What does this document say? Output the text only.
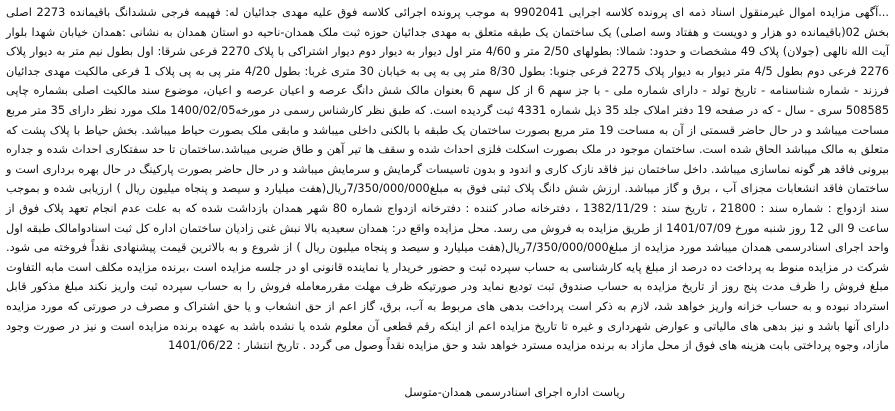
...آگهی مزایده اموال غیرمنقول اسناد ذمه ای پرونده کلاسه اجرایی 9902041 به موجب پرونده اجرائی کلاسه فوق علیه مهدی جدائیان له: فهیمه فرجی ششدانگ باقیمانده 2273 اصلی بخش 02(باقیمانده دو هزار و دویست و هفتاد وسه اصلی) یک ساختمان یک طبقه متعلق به مهدی جدائیان حوزه ثبت ملک همدان-ناحیه دو استان همدان به نشانی :همدان خیابان شهدا بلوار آیت الله نالهی (جولان) پلاک 49 مشخصات و حدود: شمالا: بطولهای 2/50 متر و 4/60 متر اول دیوار به دیوار دوم دیوار اشتراکی با پلاک 2270 فرعی شرقا: اول بطول نیم متر به دیوار پلاک 2276 فرعی دوم بطول 4/5 متر دیوار به دیوار پلاک 2275 فرعی جنوبا: بطول 8/30 متر پی به پی به خیابان 30 متری غربا: بطول 4/20 متر پی به پی پلاک 1 فرعی مالکیت مهدی جدائیان فرزند - شماره شناسنامه - تاریخ تولد - دارای شماره ملی - با جز سهم 6 از کل سهم 6 بعنوان مالک شش دانگ عرصه و اعیان عرصه و اعیان، موضوع سند مالکیت اصلی بشماره چاپی 508585 سری - سال - که در صفحه 19 دفتر املاک جلد 35 ذیل شماره 4331 ثبت گردیده است. که طبق نظر کارشناس رسمی در مورخه1400/02/05 ملک مورد نظر دارای 35 متر مربع مساحت میباشد و در حال حاضر قسمتی از آن به مساحت 19 متر مربع بصورت ساختمان یک طبقه با بالکنی داخلی میباشد و مابقی ملک بصورت حیاط میباشد. بخش حیاط با پلاک پشت که متعلق به مالک میباشد الحاق شده است. ساختمان موجود در ملک بصورت اسکلت فلزی احداث شده و سقف ها تیر آهن و طاق ضربی میباشد.ساختمان تا حد سفتکاری احداث شده و جداره بیرونی فاقد هر گونه نماسازی میباشد. داخل ساختمان نیز فاقد نازک کاری و اندود و بدون تاسیسات گرمایش و سرمایش میباشد و در حال حاضر بصورت پارکینگ در حال بهره برداری است و ساختمان فاقد انشعابات مجزای آب ، برق و گاز میباشد. ارزش شش دانگ پلاک ثبتی فوق به مبلغ7/350/000/000ریال(هفت میلیارد و سیصد و پنجاه میلیون ریال ) ارزیابی شده و بموجب سند ازدواج : شماره سند : 21800 ، تاریخ سند : 1382/11/29 ، دفترخانه صادر کننده : دفترخانه ازدواج شماره 80 شهر همدان بازداشت شده که به علت عدم انجام تعهد پلاک فوق از ساعت 9 الی 12 روز شنبه مورخ 1401/07/09 از طریق مزایده به فروش می رسد. محل مزایده واقع در: همدان سعیدیه بالا نبش غنی زادیان ساختمان اداره کل ثبت اسنادوامالک طبقه اول واحد اجرای اسنادرسمی همدان میباشد مورد مزایده از مبلغ7/350/000/000ریال(هفت میلیارد و سیصد و پنجاه میلیون ریال ) از شروع و به بالاترین قیمت پیشنهادی نقداً فروخته می شود. شرکت در مزایده منوط به پرداخت ده درصد از مبلغ پایه کارشناسی به حساب سپرده ثبت و حضور خریدار یا نماینده قانونی او در جلسه مزایده است ،برنده مزایده مکلف است مابه التفاوت مبلغ فروش را ظرف مدت پنج روز از تاریخ مزایده به حساب صندوق ثبت تودیع نماید ودر صورتیکه ظرف مهلت مقررمعامله فروش را به حساب سپرده ثبت واریز نکند مبلغ مذکور قابل استرداد نبوده و به حساب خزانه واریز خواهد شد، لازم به ذکر است پرداخت بدهی های مربوط به آب، برق، گاز اعم از حق انشعاب و یا حق اشتراک و مصرف در صورتی که مورد مزایده دارای آنها باشد و نیز بدهی های مالیاتی و عوارض شهرداری و غیره تا تاریخ مزایده اعم از اینکه رقم قطعی آن معلوم شده یا نشده باشد به عهده برنده مزایده است و نیز در صورت وجود مازاد، وجوه پرداختی بابت هزینه های فوق از محل مازاد به برنده مزایده مسترد خواهد شد و حق مزایده نقداً وصول می گردد . تاریخ انتشار : 1401/06/22

رياست اداره اجرای اسنادرسمی همدان-متوسل
